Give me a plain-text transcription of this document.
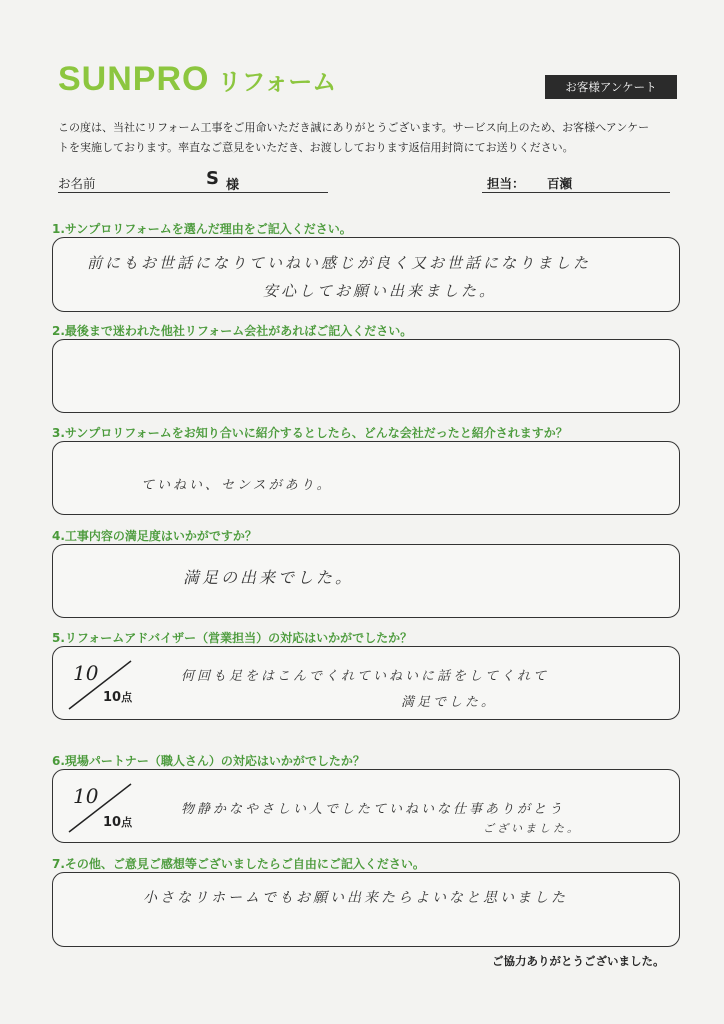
SUNPRO リフォーム	お客様アンケート
この度は、当社にリフォーム工事をご用命いただき誠にありがとうございます。サービス向上のため、お客様へアンケー
トを実施しております。率直なご意見をいただき、お渡ししております返信用封筒にてお送りください。
お名前	S 様	担当： 百瀬
1.サンプロリフォームを選んだ理由をご記入ください。
前にもお世話になりていねい感じが良く又お世話になりました
安心してお願い出来ました。
2.最後まで迷われた他社リフォーム会社があればご記入ください。
3.サンプロリフォームをお知り合いに紹介するとしたら、どんな会社だったと紹介されますか？
ていねい、センスがあり。
4.工事内容の満足度はいかがですか？
満足の出来でした。
5.リフォームアドバイザー（営業担当）の対応はいかがでしたか？
10
10点
何回も足をはこんでくれていねいに話をしてくれて
満足でした。
6.現場パートナー（職人さん）の対応はいかがでしたか？
10
10点
物静かなやさしい人でしたていねいな仕事ありがとう
ございました。
7.その他、ご意見ご感想等ございましたらご自由にご記入ください。
小さなリホームでもお願い出来たらよいなと思いました
ご協力ありがとうございました。
